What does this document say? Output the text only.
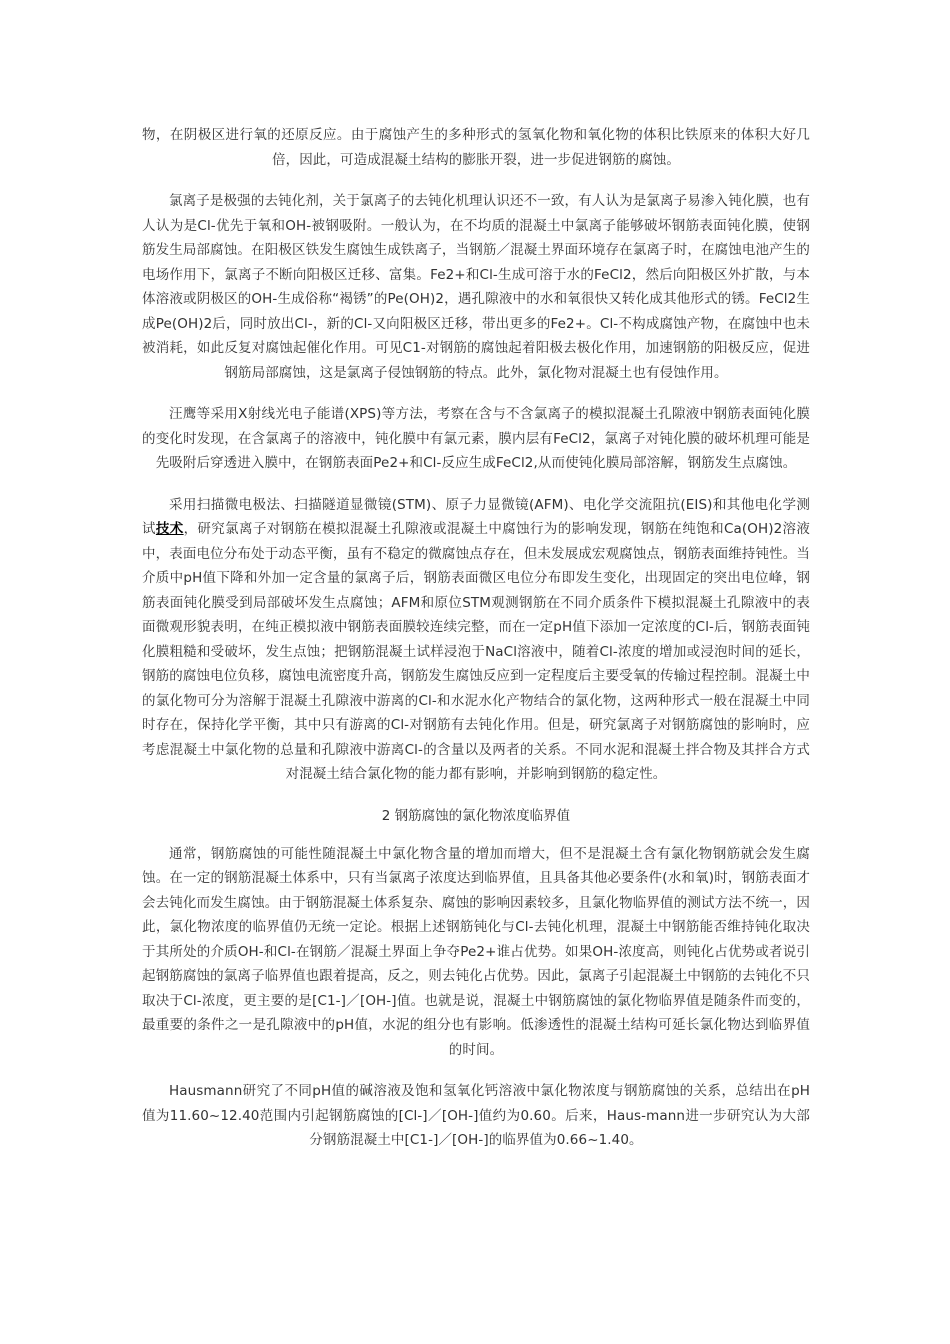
物，在阴极区进行氧的还原反应。由于腐蚀产生的多种形式的氢氧化物和氧化物的体积比铁原来的体积大好几倍，因此，可造成混凝土结构的膨胀开裂，进一步促进钢筋的腐蚀。

氯离子是极强的去钝化剂，关于氯离子的去钝化机理认识还不一致，有人认为是氯离子易渗入钝化膜，也有人认为是Cl-优先于氧和OH-被钢吸附。一般认为，在不均质的混凝土中氯离子能够破坏钢筋表面钝化膜，使钢筋发生局部腐蚀。在阳极区铁发生腐蚀生成铁离子，当钢筋／混凝土界面环境存在氯离子时，在腐蚀电池产生的电场作用下，氯离子不断向阳极区迁移、富集。Fe2+和Cl-生成可溶于水的FeCl2，然后向阳极区外扩散，与本体溶液或阴极区的OH-生成俗称“褐锈”的Pe(OH)2，遇孔隙液中的水和氧很快又转化成其他形式的锈。FeCl2生成Pe(OH)2后，同时放出Cl-，新的Cl-又向阳极区迁移，带出更多的Fe2+。Cl-不构成腐蚀产物，在腐蚀中也未被消耗，如此反复对腐蚀起催化作用。可见C1-对钢筋的腐蚀起着阳极去极化作用，加速钢筋的阳极反应，促进钢筋局部腐蚀，这是氯离子侵蚀钢筋的特点。此外，氯化物对混凝土也有侵蚀作用。

汪鹰等采用X射线光电子能谱(XPS)等方法，考察在含与不含氯离子的模拟混凝土孔隙液中钢筋表面钝化膜的变化时发现，在含氯离子的溶液中，钝化膜中有氯元素，膜内层有FeCl2，氯离子对钝化膜的破坏机理可能是先吸附后穿透进入膜中，在钢筋表面Pe2+和Cl-反应生成FeCl2,从而使钝化膜局部溶解，钢筋发生点腐蚀。

采用扫描微电极法、扫描隧道显微镜(STM)、原子力显微镜(AFM)、电化学交流阻抗(EIS)和其他电化学测试技术，研究氯离子对钢筋在模拟混凝土孔隙液或混凝土中腐蚀行为的影响发现，钢筋在纯饱和Ca(OH)2溶液中，表面电位分布处于动态平衡，虽有不稳定的微腐蚀点存在，但未发展成宏观腐蚀点，钢筋表面维持钝性。当介质中pH值下降和外加一定含量的氯离子后，钢筋表面微区电位分布即发生变化，出现固定的突出电位峰，钢筋表面钝化膜受到局部破坏发生点腐蚀；AFM和原位STM观测钢筋在不同介质条件下模拟混凝土孔隙液中的表面微观形貌表明，在纯正模拟液中钢筋表面膜较连续完整，而在一定pH值下添加一定浓度的Cl-后，钢筋表面钝化膜粗糙和受破坏，发生点蚀；把钢筋混凝土试样浸泡于NaCl溶液中，随着Cl-浓度的增加或浸泡时间的延长，钢筋的腐蚀电位负移，腐蚀电流密度升高，钢筋发生腐蚀反应到一定程度后主要受氧的传输过程控制。混凝土中的氯化物可分为溶解于混凝土孔隙液中游离的Cl-和水泥水化产物结合的氯化物，这两种形式一般在混凝土中同时存在，保持化学平衡，其中只有游离的Cl-对钢筋有去钝化作用。但是，研究氯离子对钢筋腐蚀的影响时，应考虑混凝土中氯化物的总量和孔隙液中游离Cl-的含量以及两者的关系。不同水泥和混凝土拌合物及其拌合方式对混凝土结合氯化物的能力都有影响，并影响到钢筋的稳定性。

2 钢筋腐蚀的氯化物浓度临界值

通常，钢筋腐蚀的可能性随混凝土中氯化物含量的增加而增大，但不是混凝土含有氯化物钢筋就会发生腐蚀。在一定的钢筋混凝土体系中，只有当氯离子浓度达到临界值，且具备其他必要条件(水和氧)时，钢筋表面才会去钝化而发生腐蚀。由于钢筋混凝土体系复杂、腐蚀的影响因素较多，且氯化物临界值的测试方法不统一，因此，氯化物浓度的临界值仍无统一定论。根据上述钢筋钝化与Cl-去钝化机理，混凝土中钢筋能否维持钝化取决于其所处的介质OH-和Cl-在钢筋／混凝土界面上争夺Pe2+谁占优势。如果OH-浓度高，则钝化占优势或者说引起钢筋腐蚀的氯离子临界值也跟着提高，反之，则去钝化占优势。因此，氯离子引起混凝土中钢筋的去钝化不只取决于Cl-浓度，更主要的是[C1-]／[OH-]值。也就是说，混凝土中钢筋腐蚀的氯化物临界值是随条件而变的，最重要的条件之一是孔隙液中的pH值，水泥的组分也有影响。低渗透性的混凝土结构可延长氯化物达到临界值的时间。

Hausmann研究了不同pH值的碱溶液及饱和氢氧化钙溶液中氯化物浓度与钢筋腐蚀的关系，总结出在pH值为11.60~12.40范围内引起钢筋腐蚀的[Cl-]／[OH-]值约为0.60。后来，Haus-mann进一步研究认为大部分钢筋混凝土中[C1-]／[OH-]的临界值为0.66~1.40。
